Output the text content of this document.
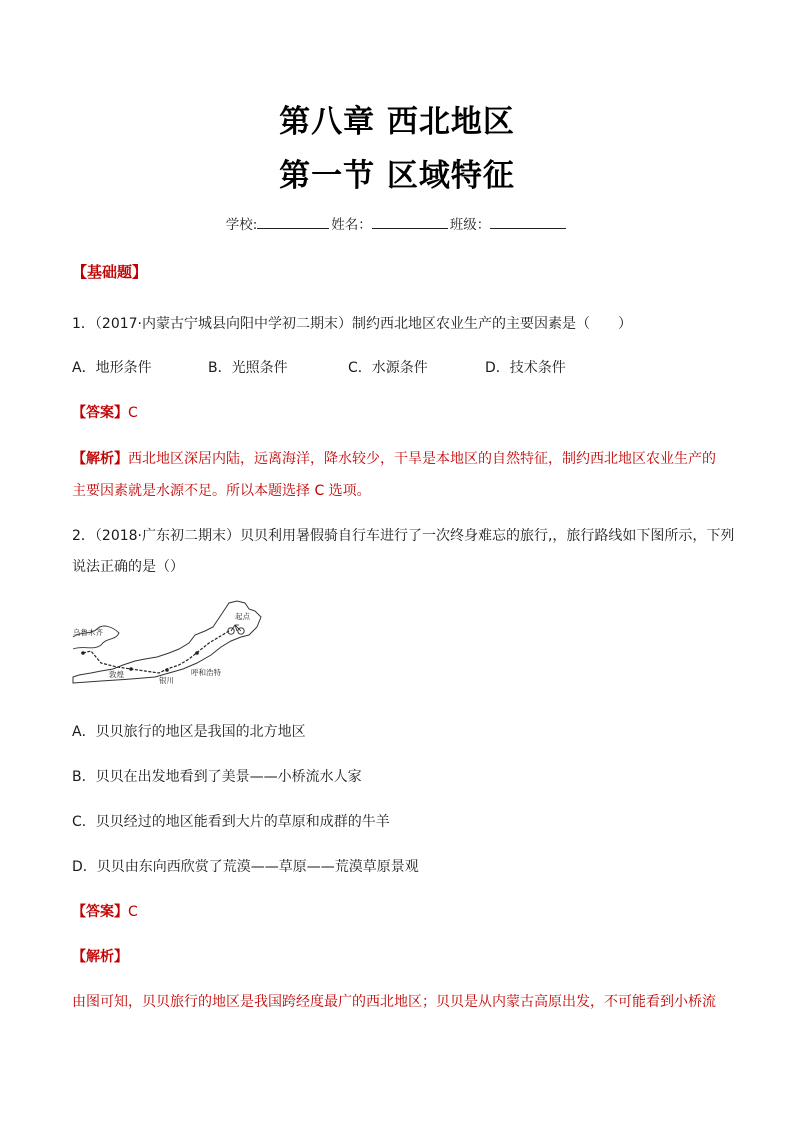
第八章 西北地区
第一节 区域特征
学校:	姓名：	班级：
【基础题】
1．（2017·内蒙古宁城县向阳中学初二期末）制约西北地区农业生产的主要因素是（　　）
A．地形条件	B．光照条件	C．水源条件	D．技术条件
【答案】C
【解析】西北地区深居内陆，远离海洋，降水较少，干旱是本地区的自然特征，制约西北地区农业生产的
主要因素就是水源不足。所以本题选择 C 选项。
2．（2018·广东初二期末）贝贝利用暑假骑自行车进行了一次终身难忘的旅行,，旅行路线如下图所示，下列
说法正确的是（）
乌鲁木齐
敦煌
银川
呼和浩特
起点
A．贝贝旅行的地区是我国的北方地区
B．贝贝在出发地看到了美景——小桥流水人家
C．贝贝经过的地区能看到大片的草原和成群的牛羊
D．贝贝由东向西欣赏了荒漠——草原——荒漠草原景观
【答案】C
【解析】
由图可知，贝贝旅行的地区是我国跨经度最广的西北地区；贝贝是从内蒙古高原出发，不可能看到小桥流
